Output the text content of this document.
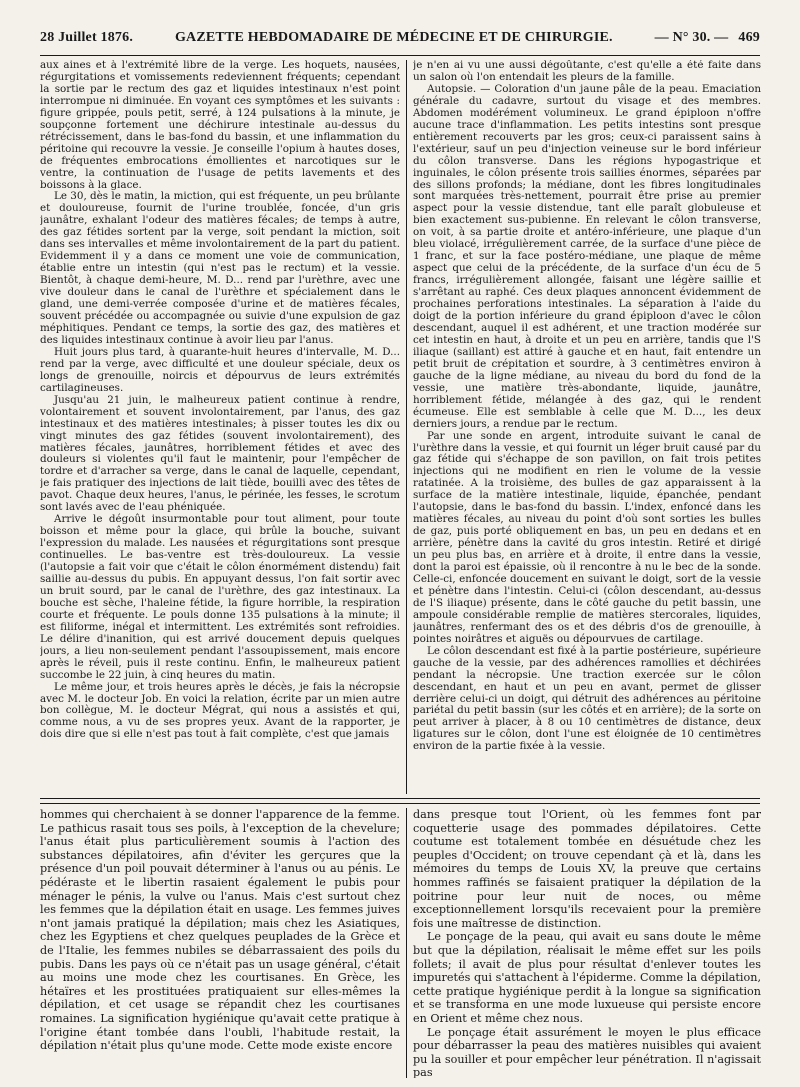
28 Juillet 1876.	GAZETTE HEBDOMADAIRE DE MÉDECINE ET DE CHIRURGIE.	— N° 30. — 469

aux aines et à l'extrémité libre de la verge. Les hoquets, nausées, régurgitations et vomissements redeviennent fréquents; cependant la sortie par le rectum des gaz et liquides intestinaux n'est point interrompue ni diminuée. En voyant ces symptômes et les suivants : figure grippée, pouls petit, serré, à 124 pulsations à la minute, je soupçonne fortement une déchirure intestinale au-dessus du rétrécissement, dans le bas-fond du bassin, et une inflammation du péritoine qui recouvre la vessie. Je conseille l'opium à hautes doses, de fréquentes embrocations émollientes et narcotiques sur le ventre, la continuation de l'usage de petits lavements et des boissons à la glace.

Le 30, dès le matin, la miction, qui est fréquente, un peu brûlante et douloureuse, fournit de l'urine troublée, foncée, d'un gris jaunâtre, exhalant l'odeur des matières fécales; de temps à autre, des gaz fétides sortent par la verge, soit pendant la miction, soit dans ses intervalles et même involontairement de la part du patient. Evidemment il y a dans ce moment une voie de communication, établie entre un intestin (qui n'est pas le rectum) et la vessie. Bientôt, à chaque demi-heure, M. D... rend par l'urèthre, avec une vive douleur dans le canal de l'urèthre et spécialement dans le gland, une demi-verrée composée d'urine et de matières fécales, souvent précédée ou accompagnée ou suivie d'une expulsion de gaz méphitiques. Pendant ce temps, la sortie des gaz, des matières et des liquides intestinaux continue à avoir lieu par l'anus.

Huit jours plus tard, à quarante-huit heures d'intervalle, M. D... rend par la verge, avec difficulté et une douleur spéciale, deux os longs de grenouille, noircis et dépourvus de leurs extrémités cartilagineuses.

Jusqu'au 21 juin, le malheureux patient continue à rendre, volontairement et souvent involontairement, par l'anus, des gaz intestinaux et des matières intestinales; à pisser toutes les dix ou vingt minutes des gaz fétides (souvent involontairement), des matières fécales, jaunâtres, horriblement fétides et avec des douleurs si violentes qu'il faut le maintenir, pour l'empêcher de tordre et d'arracher sa verge, dans le canal de laquelle, cependant, je fais pratiquer des injections de lait tiède, bouilli avec des têtes de pavot. Chaque deux heures, l'anus, le périnée, les fesses, le scrotum sont lavés avec de l'eau phéniquée.

Arrive le dégoût insurmontable pour tout aliment, pour toute boisson et même pour la glace, qui brûle la bouche, suivant l'expression du malade. Les nausées et régurgitations sont presque continuelles. Le bas-ventre est très-douloureux. La vessie (l'autopsie a fait voir que c'était le côlon énormément distendu) fait saillie au-dessus du pubis. En appuyant dessus, l'on fait sortir avec un bruit sourd, par le canal de l'urèthre, des gaz intestinaux. La bouche est sèche, l'haleine fétide, la figure horrible, la respiration courte et fréquente. Le pouls donne 135 pulsations à la minute; il est filiforme, inégal et intermittent. Les extrémités sont refroidies. Le délire d'inanition, qui est arrivé doucement depuis quelques jours, a lieu non-seulement pendant l'assoupissement, mais encore après le réveil, puis il reste continu. Enfin, le malheureux patient succombe le 22 juin, à cinq heures du matin.

Le même jour, et trois heures après le décès, je fais la nécropsie avec M. le docteur Job. En voici la relation, écrite par un mien autre bon collègue, M. le docteur Mégrat, qui nous a assistés et qui, comme nous, a vu de ses propres yeux. Avant de la rapporter, je dois dire que si elle n'est pas tout à fait complète, c'est que jamais

je n'en ai vu une aussi dégoûtante, c'est qu'elle a été faite dans un salon où l'on entendait les pleurs de la famille.

Autopsie. — Coloration d'un jaune pâle de la peau. Emaciation générale du cadavre, surtout du visage et des membres. Abdomen modérément volumineux. Le grand épiploon n'offre aucune trace d'inflammation. Les petits intestins sont presque entièrement recouverts par les gros; ceux-ci paraissent sains à l'extérieur, sauf un peu d'injection veineuse sur le bord inférieur du côlon transverse. Dans les régions hypogastrique et inguinales, le côlon présente trois saillies énormes, séparées par des sillons profonds; la médiane, dont les fibres longitudinales sont marquées très-nettement, pourrait être prise au premier aspect pour la vessie distendue, tant elle paraît globuleuse et bien exactement sus-pubienne. En relevant le côlon transverse, on voit, à sa partie droite et antéro-inférieure, une plaque d'un bleu violacé, irrégulièrement carrée, de la surface d'une pièce de 1 franc, et sur la face postéro-médiane, une plaque de même aspect que celui de la précédente, de la surface d'un écu de 5 francs, irrégulièrement allongée, faisant une légère saillie et s'arrêtant au raphé. Ces deux plaques annoncent évidemment de prochaines perforations intestinales. La séparation à l'aide du doigt de la portion inférieure du grand épiploon d'avec le côlon descendant, auquel il est adhérent, et une traction modérée sur cet intestin en haut, à droite et un peu en arrière, tandis que l'S iliaque (saillant) est attiré à gauche et en haut, fait entendre un petit bruit de crépitation et sourdre, à 3 centimètres environ à gauche de la ligne médiane, au niveau du bord du fond de la vessie, une matière très-abondante, liquide, jaunâtre, horriblement fétide, mélangée à des gaz, qui le rendent écumeuse. Elle est semblable à celle que M. D..., les deux derniers jours, a rendue par le rectum.

Par une sonde en argent, introduite suivant le canal de l'urèthre dans la vessie, et qui fournit un léger bruit causé par du gaz fétide qui s'échappe de son pavillon, on fait trois petites injections qui ne modifient en rien le volume de la vessie ratatinée. A la troisième, des bulles de gaz apparaissent à la surface de la matière intestinale, liquide, épanchée, pendant l'autopsie, dans le bas-fond du bassin. L'index, enfoncé dans les matières fécales, au niveau du point d'où sont sorties les bulles de gaz, puis porté obliquement en bas, un peu en dedans et en arrière, pénètre dans la cavité du gros intestin. Retiré et dirigé un peu plus bas, en arrière et à droite, il entre dans la vessie, dont la paroi est épaissie, où il rencontre à nu le bec de la sonde. Celle-ci, enfoncée doucement en suivant le doigt, sort de la vessie et pénètre dans l'intestin. Celui-ci (côlon descendant, au-dessus de l'S iliaque) présente, dans le côté gauche du petit bassin, une ampoule considérable remplie de matières stercorales, liquides, jaunâtres, renfermant des os et des débris d'os de grenouille, à pointes noirâtres et aiguës ou dépourvues de cartilage.

Le côlon descendant est fixé à la partie postérieure, supérieure gauche de la vessie, par des adhérences ramollies et déchirées pendant la nécropsie. Une traction exercée sur le côlon descendant, en haut et un peu en avant, permet de glisser derrière celui-ci un doigt, qui détruit des adhérences au péritoine pariétal du petit bassin (sur les côtés et en arrière); de la sorte on peut arriver à placer, à 8 ou 10 centimètres de distance, deux ligatures sur le côlon, dont l'une est éloignée de 10 centimètres environ de la partie fixée à la vessie.

hommes qui cherchaient à se donner l'apparence de la femme. Le pathicus rasait tous ses poils, à l'exception de la chevelure; l'anus était plus particulièrement soumis à l'action des substances dépilatoires, afin d'éviter les gerçures que la présence d'un poil pouvait déterminer à l'anus ou au pénis. Le pédéraste et le libertin rasaient également le pubis pour ménager le pénis, la vulve ou l'anus. Mais c'est surtout chez les femmes que la dépilation était en usage. Les femmes juives n'ont jamais pratiqué la dépilation; mais chez les Asiatiques, chez les Egyptiens et chez quelques peuplades de la Grèce et de l'Italie, les femmes nubiles se débarrassaient des poils du pubis. Dans les pays où ce n'était pas un usage général, c'était au moins une mode chez les courtisanes. En Grèce, les hétaïres et les prostituées pratiquaient sur elles-mêmes la dépilation, et cet usage se répandit chez les courtisanes romaines. La signification hygiénique qu'avait cette pratique à l'origine étant tombée dans l'oubli, l'habitude restait, la dépilation n'était plus qu'une mode. Cette mode existe encore

dans presque tout l'Orient, où les femmes font par coquetterie usage des pommades dépilatoires. Cette coutume est totalement tombée en désuétude chez les peuples d'Occident; on trouve cependant çà et là, dans les mémoires du temps de Louis XV, la preuve que certains hommes raffinés se faisaient pratiquer la dépilation de la poitrine pour leur nuit de noces, ou même exceptionnellement lorsqu'ils recevaient pour la première fois une maîtresse de distinction.

Le ponçage de la peau, qui avait eu sans doute le même but que la dépilation, réalisait le même effet sur les poils follets; il avait de plus pour résultat d'enlever toutes les impuretés qui s'attachent à l'épiderme. Comme la dépilation, cette pratique hygiénique perdit à la longue sa signification et se transforma en une mode luxueuse qui persiste encore en Orient et même chez nous.

Le ponçage était assurément le moyen le plus efficace pour débarrasser la peau des matières nuisibles qui avaient pu la souiller et pour empêcher leur pénétration. Il n'agissait pas
